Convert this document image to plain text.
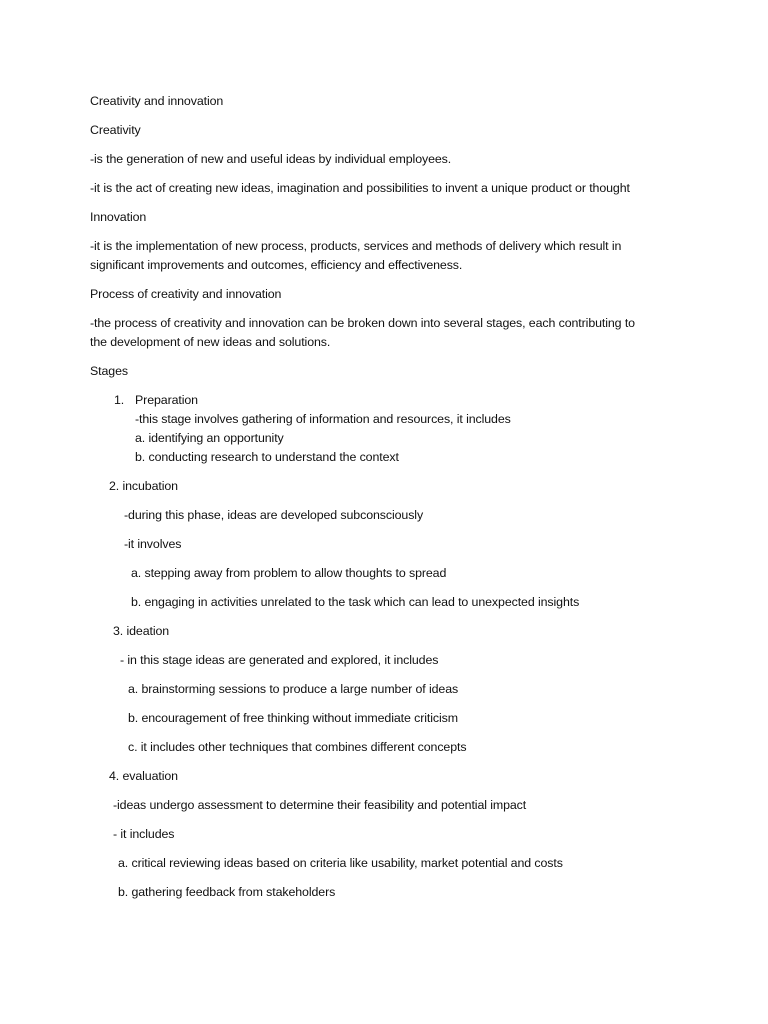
Creativity and innovation
Creativity
-is the generation of new and useful ideas by individual employees.
-it is the act of creating new ideas, imagination and possibilities to invent a unique product or thought
Innovation
-it is the implementation of new process, products, services and methods of delivery which result in
significant improvements and outcomes, efficiency and effectiveness.
Process of creativity and innovation
-the process of creativity and innovation can be broken down into several stages, each contributing to
the development of new ideas and solutions.
Stages
1. Preparation
-this stage involves gathering of information and resources, it includes
a. identifying an opportunity
b. conducting research to understand the context
2. incubation
-during this phase, ideas are developed subconsciously
-it involves
a. stepping away from problem to allow thoughts to spread
b. engaging in activities unrelated to the task which can lead to unexpected insights
3. ideation
- in this stage ideas are generated and explored, it includes
a. brainstorming sessions to produce a large number of ideas
b. encouragement of free thinking without immediate criticism
c. it includes other techniques that combines different concepts
4. evaluation
-ideas undergo assessment to determine their feasibility and potential impact
- it includes
a. critical reviewing ideas based on criteria like usability, market potential and costs
b. gathering feedback from stakeholders
